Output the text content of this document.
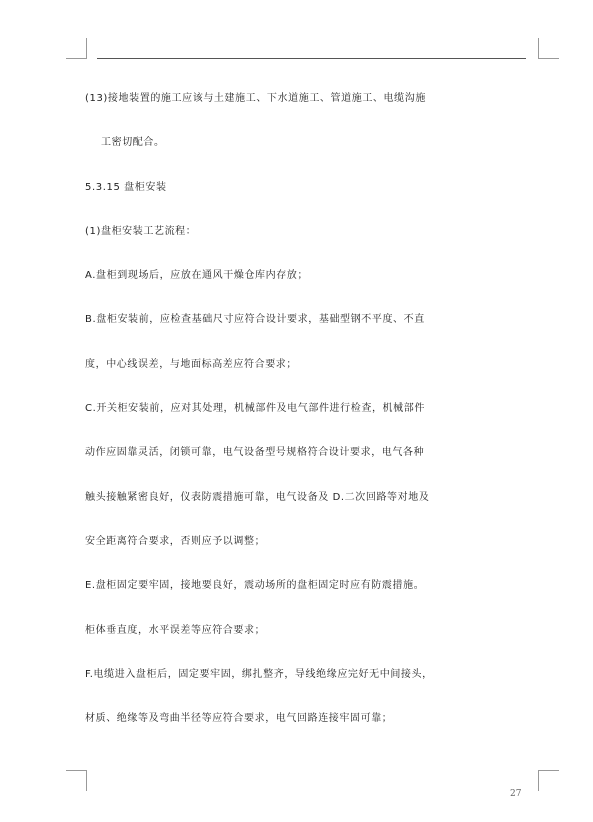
(13)接地装置的施工应该与土建施工、下水道施工、管道施工、电缆沟施
工密切配合。
5.3.15 盘柜安装
(1)盘柜安装工艺流程：
A.盘柜到现场后，应放在通风干燥仓库内存放；
B.盘柜安装前，应检查基础尺寸应符合设计要求，基础型钢不平度、不直
度，中心线误差，与地面标高差应符合要求；
C.开关柜安装前，应对其处理，机械部件及电气部件进行检查，机械部件
动作应固靠灵活，闭锁可靠，电气设备型号规格符合设计要求，电气各种
触头接触紧密良好，仪表防震措施可靠，电气设备及 D.二次回路等对地及
安全距离符合要求，否则应予以调整；
E.盘柜固定要牢固，接地要良好，震动场所的盘柜固定时应有防震措施。
柜体垂直度，水平误差等应符合要求；
F.电缆进入盘柜后，固定要牢固，绑扎整齐，导线绝缘应完好无中间接头，
材质、绝缘等及弯曲半径等应符合要求，电气回路连接牢固可靠；
27
